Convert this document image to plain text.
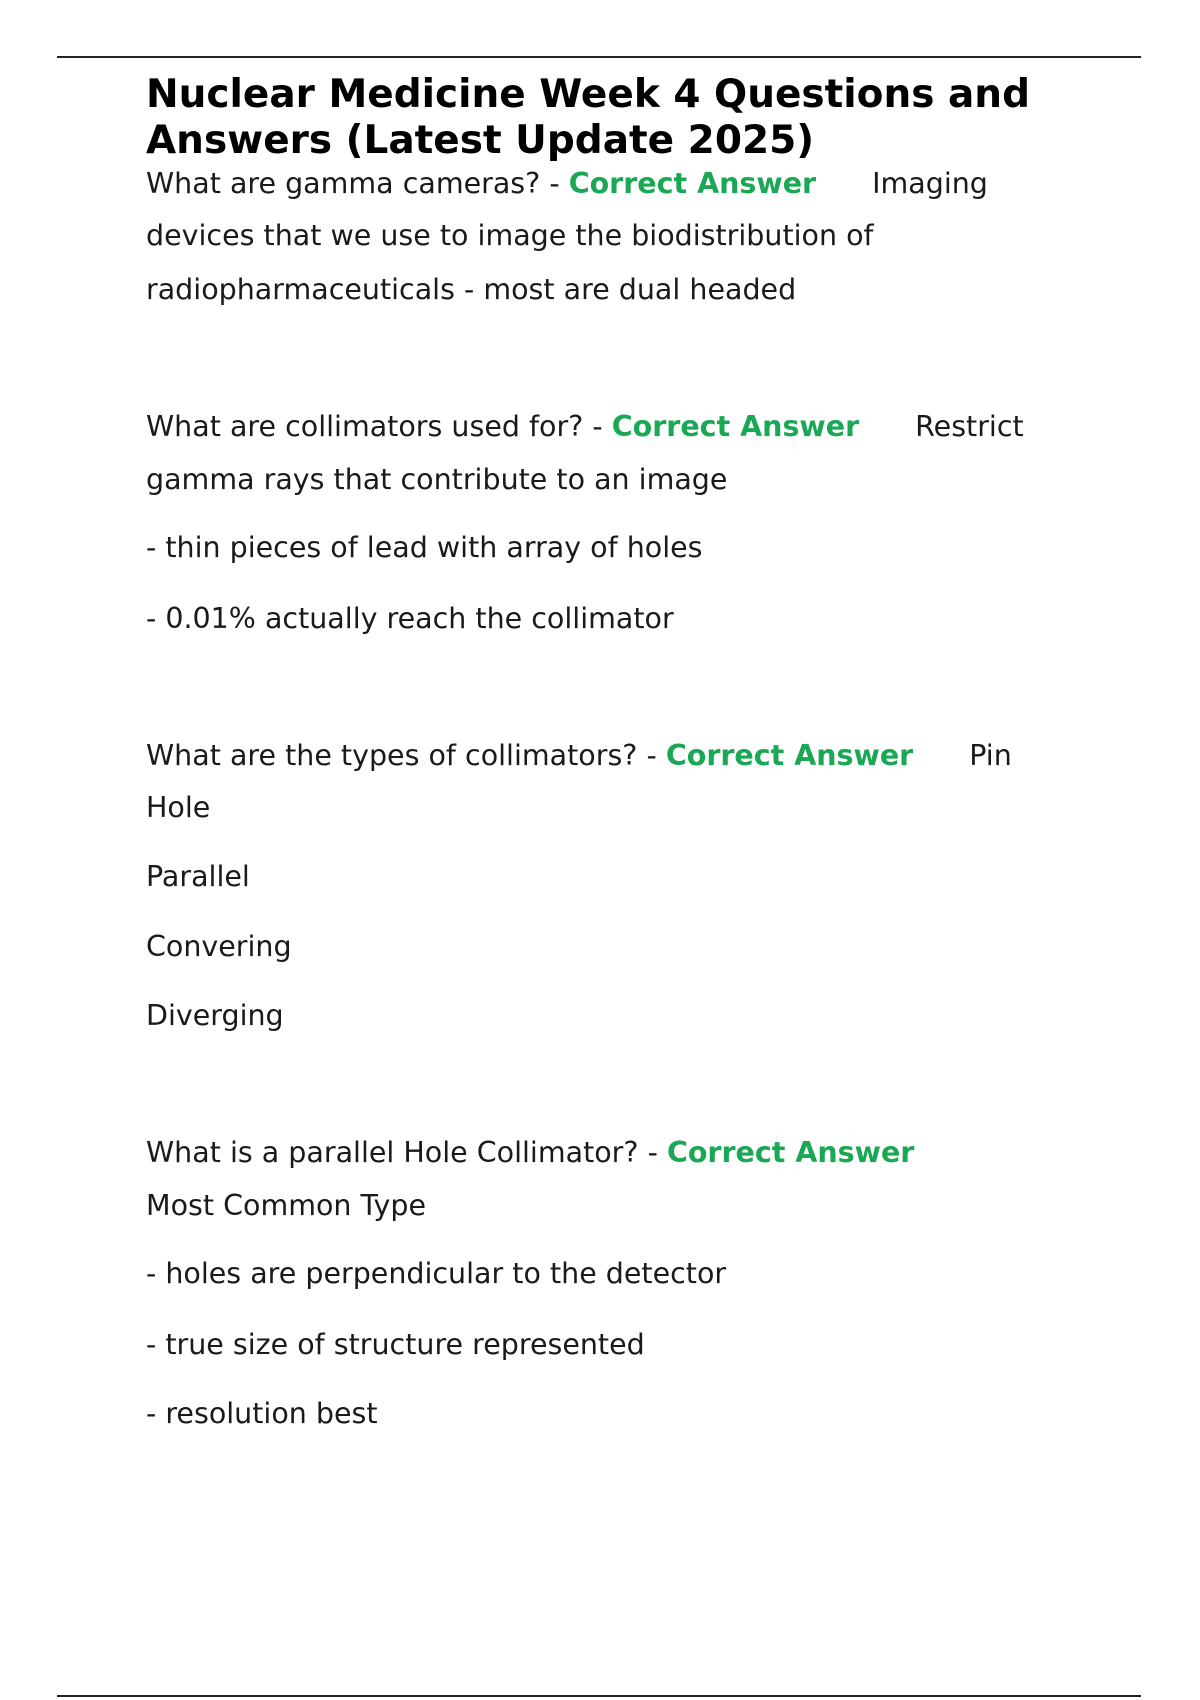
Nuclear Medicine Week 4 Questions and
Answers (Latest Update 2025)
What are gamma cameras? - Correct Answer Imaging
devices that we use to image the biodistribution of
radiopharmaceuticals - most are dual headed
What are collimators used for? - Correct Answer Restrict
gamma rays that contribute to an image
- thin pieces of lead with array of holes
- 0.01% actually reach the collimator
What are the types of collimators? - Correct Answer Pin
Hole
Parallel
Convering
Diverging
What is a parallel Hole Collimator? - Correct Answer
Most Common Type
- holes are perpendicular to the detector
- true size of structure represented
- resolution best
